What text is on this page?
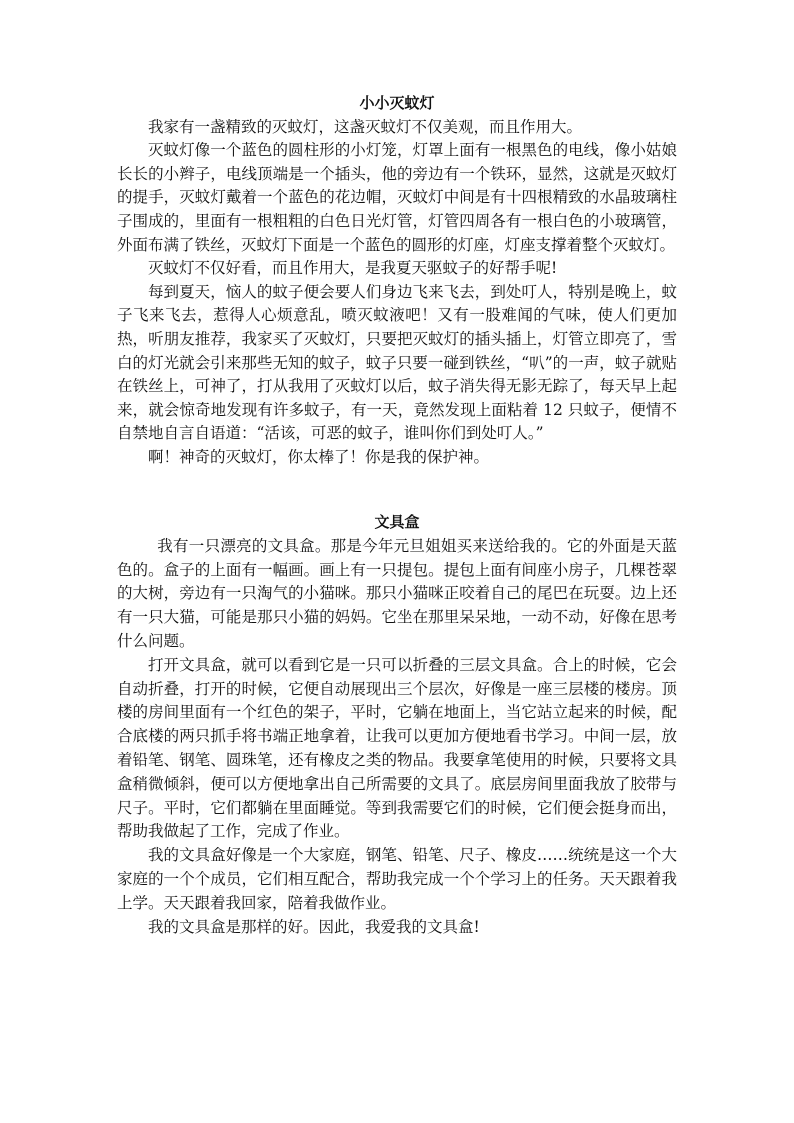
小小灭蚊灯

我家有一盏精致的灭蚊灯，这盏灭蚊灯不仅美观，而且作用大。

灭蚊灯像一个蓝色的圆柱形的小灯笼，灯罩上面有一根黑色的电线，像小姑娘长长的小辫子，电线顶端是一个插头，他的旁边有一个铁环，显然，这就是灭蚊灯的提手，灭蚊灯戴着一个蓝色的花边帽，灭蚊灯中间是有十四根精致的水晶玻璃柱子围成的，里面有一根粗粗的白色日光灯管，灯管四周各有一根白色的小玻璃管，外面布满了铁丝，灭蚊灯下面是一个蓝色的圆形的灯座，灯座支撑着整个灭蚊灯。

灭蚊灯不仅好看，而且作用大，是我夏天驱蚊子的好帮手呢!

每到夏天，恼人的蚊子便会要人们身边飞来飞去，到处叮人，特别是晚上，蚊子飞来飞去，惹得人心烦意乱，喷灭蚊液吧！又有一股难闻的气味，使人们更加热，听朋友推荐，我家买了灭蚊灯，只要把灭蚊灯的插头插上，灯管立即亮了，雪白的灯光就会引来那些无知的蚊子，蚊子只要一碰到铁丝，“叭”的一声，蚊子就贴在铁丝上，可神了，打从我用了灭蚊灯以后，蚊子消失得无影无踪了，每天早上起来，就会惊奇地发现有许多蚊子，有一天，竟然发现上面粘着 12 只蚊子，便情不自禁地自言自语道：“活该，可恶的蚊子，谁叫你们到处叮人。”

啊！神奇的灭蚊灯，你太棒了！你是我的保护神。

文具盒

我有一只漂亮的文具盒。那是今年元旦姐姐买来送给我的。它的外面是天蓝色的。盒子的上面有一幅画。画上有一只提包。提包上面有间座小房子，几棵苍翠的大树，旁边有一只淘气的小猫咪。那只小猫咪正咬着自己的尾巴在玩耍。边上还有一只大猫，可能是那只小猫的妈妈。它坐在那里呆呆地，一动不动，好像在思考什么问题。

打开文具盒，就可以看到它是一只可以折叠的三层文具盒。合上的时候，它会自动折叠，打开的时候，它便自动展现出三个层次，好像是一座三层楼的楼房。顶楼的房间里面有一个红色的架子，平时，它躺在地面上，当它站立起来的时候，配合底楼的两只抓手将书端正地拿着，让我可以更加方便地看书学习。中间一层，放着铅笔、钢笔、圆珠笔，还有橡皮之类的物品。我要拿笔使用的时候，只要将文具盒稍微倾斜，便可以方便地拿出自己所需要的文具了。底层房间里面我放了胶带与尺子。平时，它们都躺在里面睡觉。等到我需要它们的时候，它们便会挺身而出，帮助我做起了工作，完成了作业。

我的文具盒好像是一个大家庭，钢笔、铅笔、尺子、橡皮……统统是这一个大家庭的一个个成员，它们相互配合，帮助我完成一个个学习上的任务。天天跟着我上学。天天跟着我回家，陪着我做作业。

我的文具盒是那样的好。因此，我爱我的文具盒!
